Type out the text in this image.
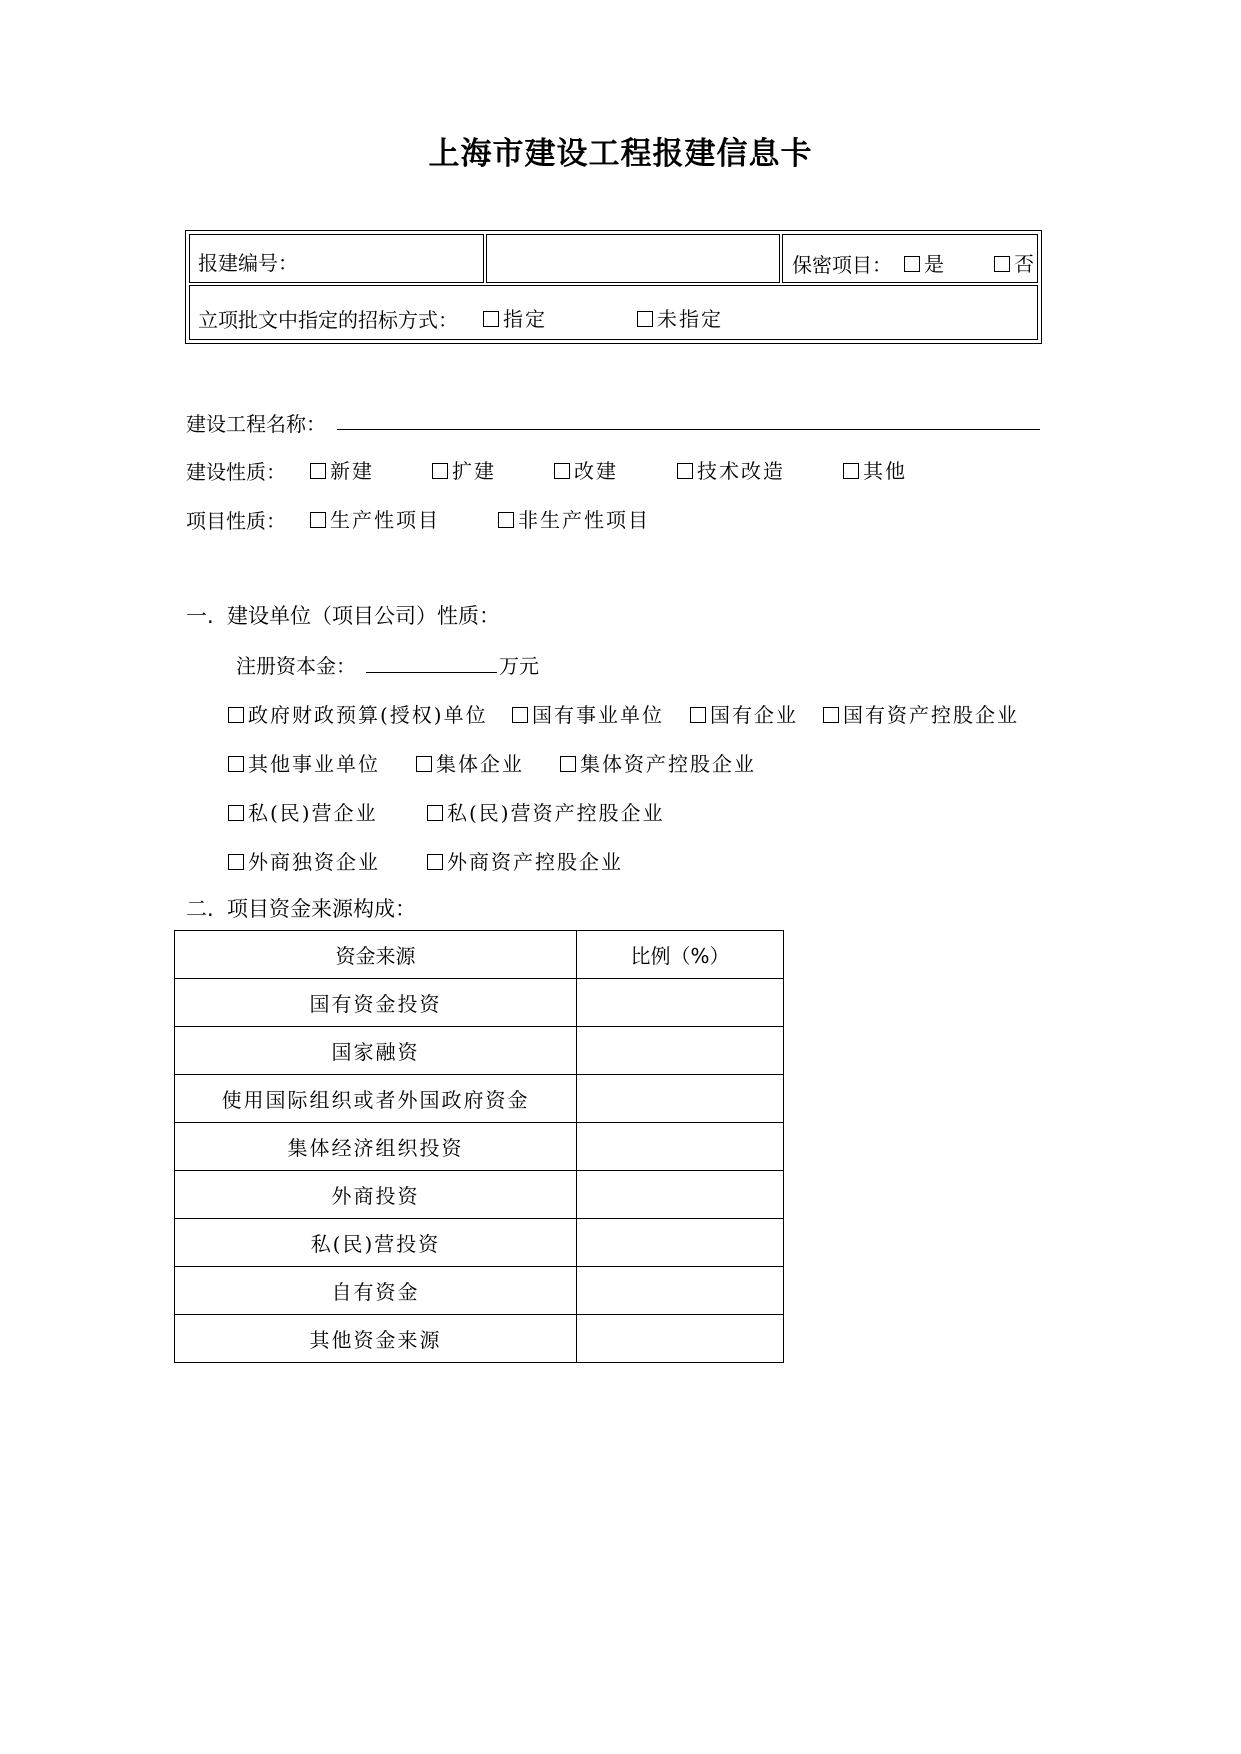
上海市建设工程报建信息卡
报建编号：	保密项目：	是	否
立项批文中指定的招标方式：	指定	未指定
建设工程名称：
建设性质：	新建	扩建	改建	技术改造	其他
项目性质：	生产性项目	非生产性项目
一.  建设单位（项目公司）性质：
注册资本金：	万元
政府财政预算(授权)单位	国有事业单位	国有企业	国有资产控股企业
其他事业单位	集体企业	集体资产控股企业
私(民)营企业	私(民)营资产控股企业
外商独资企业	外商资产控股企业
二.  项目资金来源构成：
资金来源	比例（%）
国有资金投资	
国家融资	
使用国际组织或者外国政府资金	
集体经济组织投资	
外商投资	
私(民)营投资	
自有资金	
其他资金来源	
